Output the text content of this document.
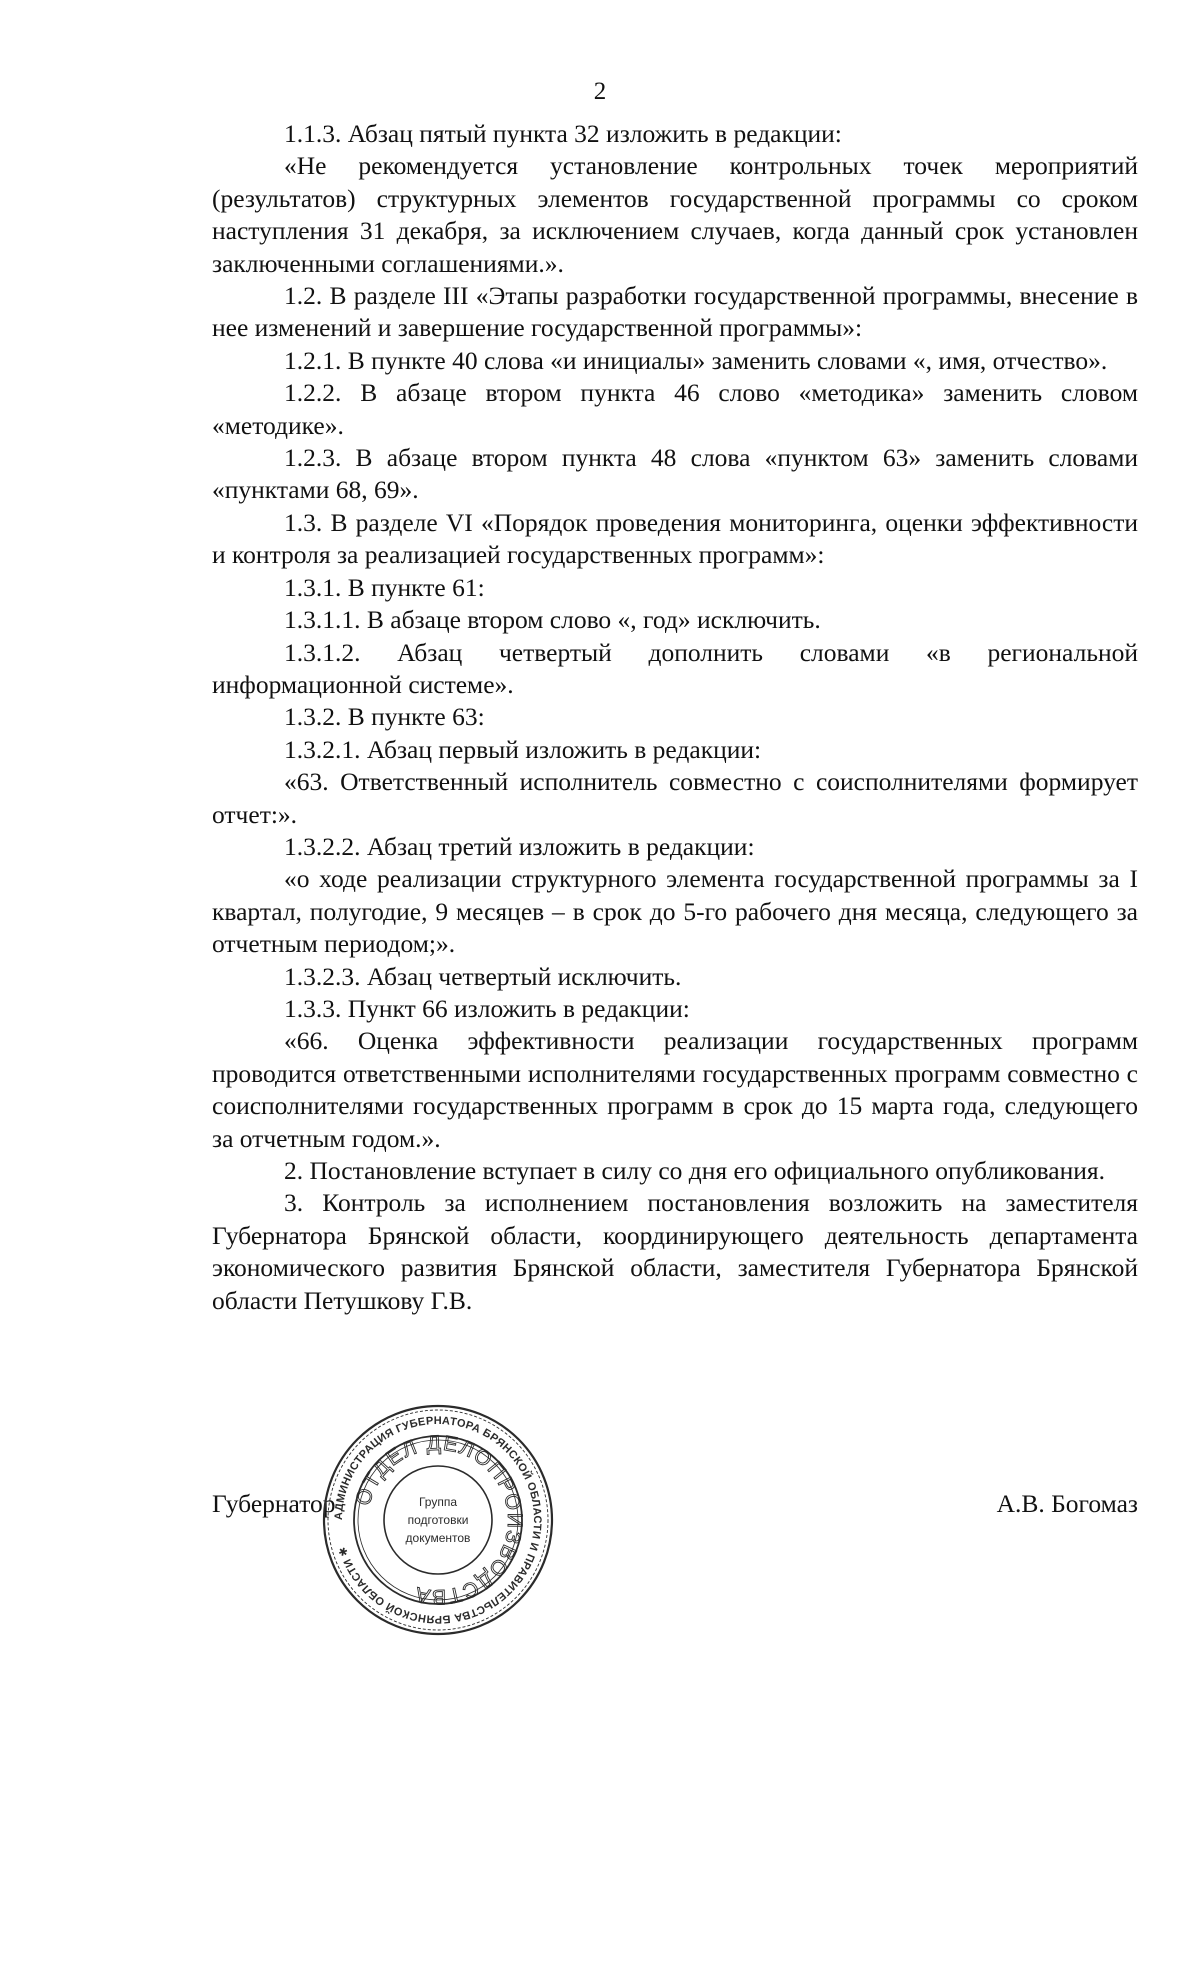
2

1.1.3. Абзац пятый пункта 32 изложить в редакции:

«Не рекомендуется установление контрольных точек мероприятий (результатов) структурных элементов государственной программы со сроком наступления 31 декабря, за исключением случаев, когда данный срок установлен заключенными соглашениями.».

1.2. В разделе III «Этапы разработки государственной программы, внесение в нее изменений и завершение государственной программы»:

1.2.1. В пункте 40 слова «и инициалы» заменить словами «, имя, отчество».

1.2.2. В абзаце втором пункта 46 слово «методика» заменить словом «методике».

1.2.3. В абзаце втором пункта 48 слова «пунктом 63» заменить словами «пунктами 68, 69».

1.3. В разделе VI «Порядок проведения мониторинга, оценки эффективности и контроля за реализацией государственных программ»:

1.3.1. В пункте 61:

1.3.1.1. В абзаце втором слово «, год» исключить.

1.3.1.2. Абзац четвертый дополнить словами «в региональной информационной системе».

1.3.2. В пункте 63:

1.3.2.1. Абзац первый изложить в редакции:

«63. Ответственный исполнитель совместно с соисполнителями формирует отчет:».

1.3.2.2. Абзац третий изложить в редакции:

«о ходе реализации структурного элемента государственной программы за I квартал, полугодие, 9 месяцев – в срок до 5-го рабочего дня месяца, следующего за отчетным периодом;».

1.3.2.3. Абзац четвертый исключить.

1.3.3. Пункт 66 изложить в редакции:

«66. Оценка эффективности реализации государственных программ проводится ответственными исполнителями государственных программ совместно с соисполнителями государственных программ в срок до 15 марта года, следующего за отчетным годом.».

2. Постановление вступает в силу со дня его официального опубликования.

3. Контроль за исполнением постановления возложить на заместителя Губернатора Брянской области, координирующего деятельность департамента экономического развития Брянской области, заместителя Губернатора Брянской области Петушкову Г.В.

Губернатор	А.В. Богомаз
АДМИНИСТРАЦИЯ ГУБЕРНАТОРА БРЯНСКОЙ ОБЛАСТИ И ПРАВИТЕЛЬСТВА БРЯНСКОЙ ОБЛАСТИ ✱
ОТДЕЛ ДЕЛОПРОИЗВОДСТВА
Группа
подготовки
документов
